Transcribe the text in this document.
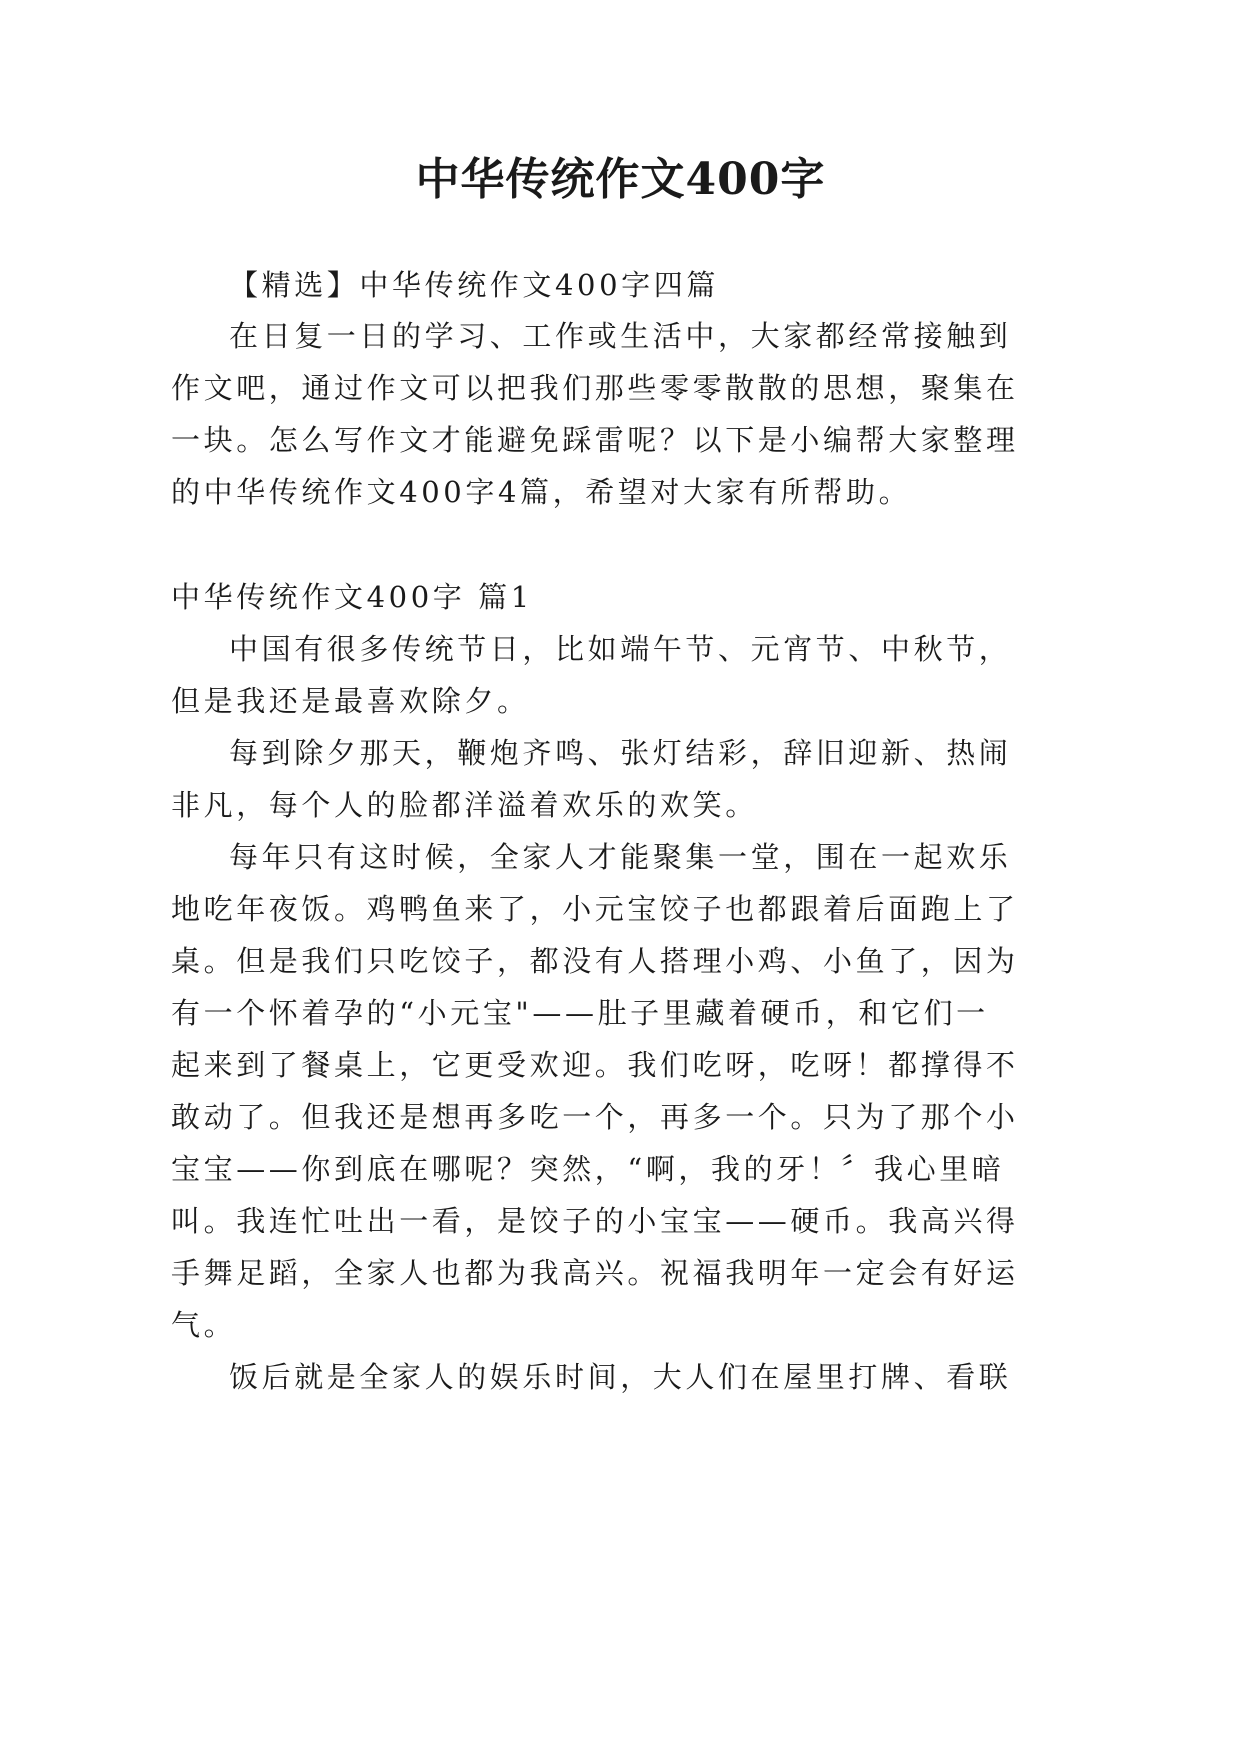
中华传统作文400字
【精选】中华传统作文400字四篇
在日复一日的学习、工作或生活中，大家都经常接触到
作文吧，通过作文可以把我们那些零零散散的思想，聚集在
一块。怎么写作文才能避免踩雷呢？以下是小编帮大家整理
的中华传统作文400字4篇，希望对大家有所帮助。
中华传统作文400字 篇1
中国有很多传统节日，比如端午节、元宵节、中秋节，
但是我还是最喜欢除夕。
每到除夕那天，鞭炮齐鸣、张灯结彩，辞旧迎新、热闹
非凡，每个人的脸都洋溢着欢乐的欢笑。
每年只有这时候，全家人才能聚集一堂，围在一起欢乐
地吃年夜饭。鸡鸭鱼来了，小元宝饺子也都跟着后面跑上了
桌。但是我们只吃饺子，都没有人搭理小鸡、小鱼了，因为
有一个怀着孕的“小元宝"——肚子里藏着硬币，和它们一
起来到了餐桌上，它更受欢迎。我们吃呀，吃呀！都撑得不
敢动了。但我还是想再多吃一个，再多一个。只为了那个小
宝宝——你到底在哪呢？突然，“啊，我的牙！〞我心里暗
叫。我连忙吐出一看，是饺子的小宝宝——硬币。我高兴得
手舞足蹈，全家人也都为我高兴。祝福我明年一定会有好运
气。
饭后就是全家人的娱乐时间，大人们在屋里打牌、看联
